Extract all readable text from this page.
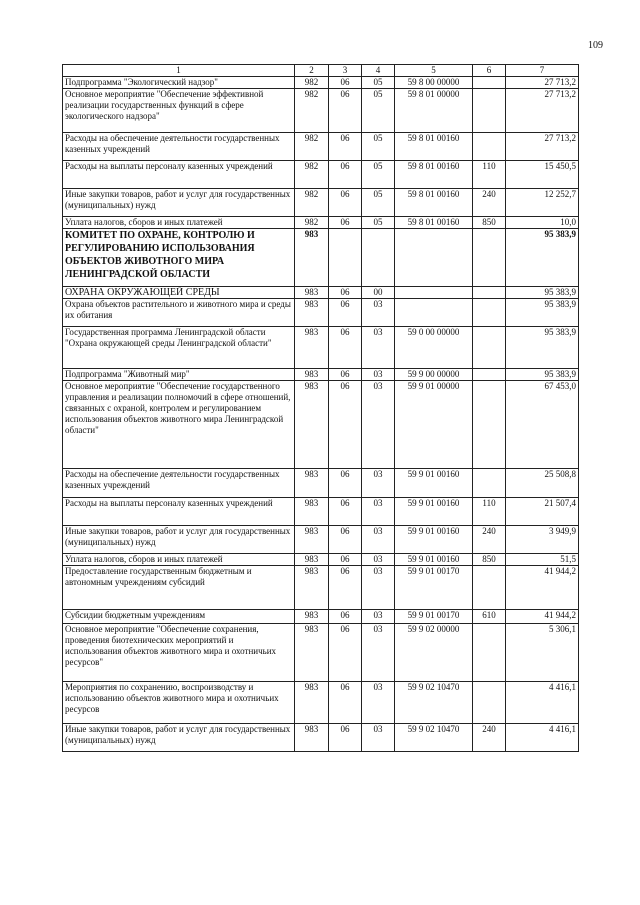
109
1	2	3	4	5	6	7
Подпрограмма "Экологический надзор"	982	06	05	59 8 00 00000		27 713,2
Основное мероприятие "Обеспечение эффективной реализации государственных функций в сфере экологического надзора"	982	06	05	59 8 01 00000		27 713,2
Расходы на обеспечение деятельности государственных казенных учреждений	982	06	05	59 8 01 00160		27 713,2
Расходы на выплаты персоналу казенных учреждений	982	06	05	59 8 01 00160	110	15 450,5
Иные закупки товаров, работ и услуг для государственных (муниципальных) нужд	982	06	05	59 8 01 00160	240	12 252,7
Уплата налогов, сборов и иных платежей	982	06	05	59 8 01 00160	850	10,0
КОМИТЕТ ПО ОХРАНЕ, КОНТРОЛЮ И РЕГУЛИРОВАНИЮ ИСПОЛЬЗОВАНИЯ ОБЪЕКТОВ ЖИВОТНОГО МИРА ЛЕНИНГРАДСКОЙ ОБЛАСТИ	983					95 383,9
ОХРАНА ОКРУЖАЮЩЕЙ СРЕДЫ	983	06	00			95 383,9
Охрана объектов растительного и животного мира и среды их обитания	983	06	03			95 383,9
Государственная программа Ленинградской области "Охрана окружающей среды Ленинградской области"	983	06	03	59 0 00 00000		95 383,9
Подпрограмма "Животный мир"	983	06	03	59 9 00 00000		95 383,9
Основное мероприятие "Обеспечение государственного управления и реализации полномочий в сфере отношений, связанных с охраной, контролем и регулированием использования объектов животного мира Ленинградской области"	983	06	03	59 9 01 00000		67 453,0
Расходы на обеспечение деятельности государственных казенных учреждений	983	06	03	59 9 01 00160		25 508,8
Расходы на выплаты персоналу казенных учреждений	983	06	03	59 9 01 00160	110	21 507,4
Иные закупки товаров, работ и услуг для государственных (муниципальных) нужд	983	06	03	59 9 01 00160	240	3 949,9
Уплата налогов, сборов и иных платежей	983	06	03	59 9 01 00160	850	51,5
Предоставление государственным бюджетным и автономным учреждениям субсидий	983	06	03	59 9 01 00170		41 944,2
Субсидии бюджетным учреждениям	983	06	03	59 9 01 00170	610	41 944,2
Основное мероприятие "Обеспечение сохранения, проведения биотехнических мероприятий и использования объектов животного мира и охотничьих ресурсов"	983	06	03	59 9 02 00000		5 306,1
Мероприятия по сохранению, воспроизводству и использованию объектов животного мира и охотничьих ресурсов	983	06	03	59 9 02 10470		4 416,1
Иные закупки товаров, работ и услуг для государственных (муниципальных) нужд	983	06	03	59 9 02 10470	240	4 416,1
